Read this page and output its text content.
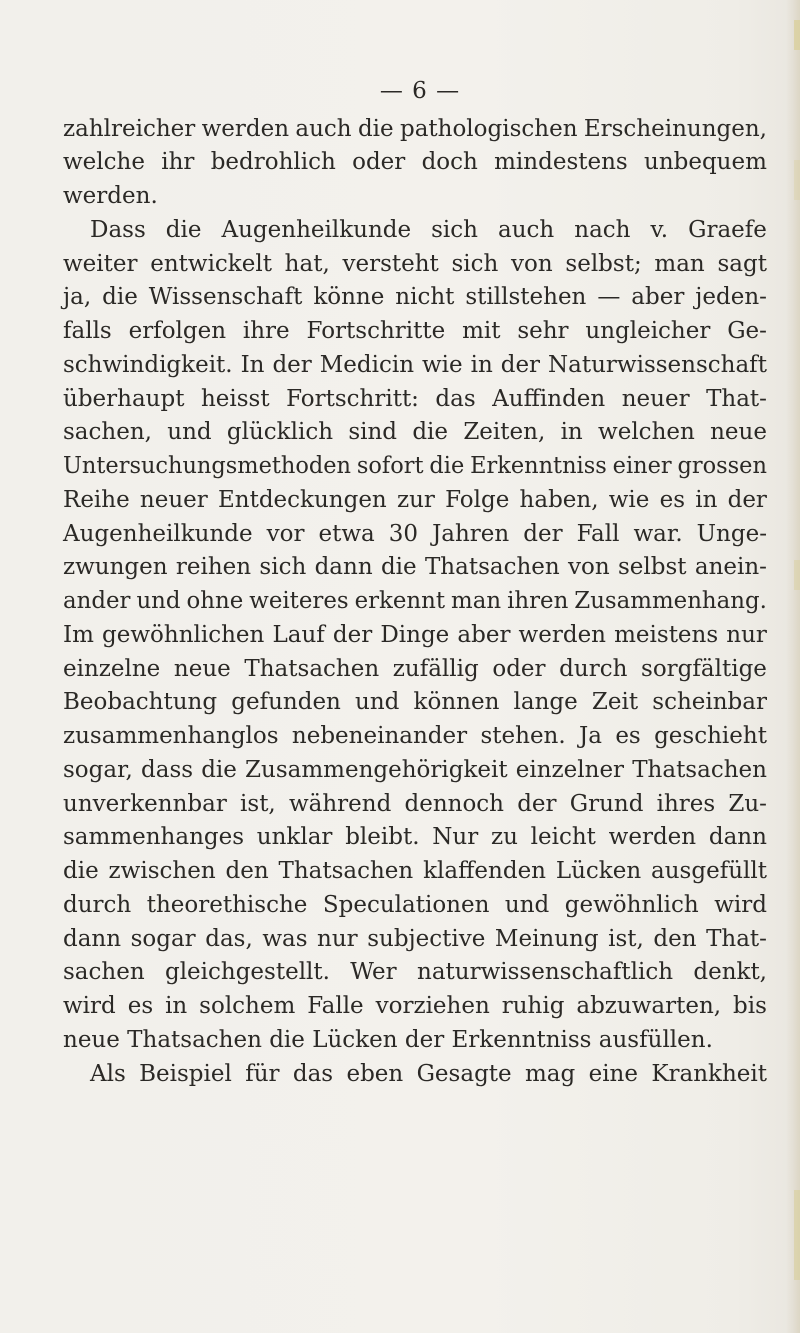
— 6 —
zahlreicher werden auch die pathologischen Erscheinungen,
welche ihr bedrohlich oder doch mindestens unbequem
werden.
Dass die Augenheilkunde sich auch nach v. Graefe
weiter entwickelt hat, versteht sich von selbst; man sagt
ja, die Wissenschaft könne nicht stillstehen — aber jeden-
falls erfolgen ihre Fortschritte mit sehr ungleicher Ge-
schwindigkeit. In der Medicin wie in der Naturwissenschaft
überhaupt heisst Fortschritt: das Auffinden neuer That-
sachen, und glücklich sind die Zeiten, in welchen neue
Untersuchungsmethoden sofort die Erkenntniss einer grossen
Reihe neuer Entdeckungen zur Folge haben, wie es in der
Augenheilkunde vor etwa 30 Jahren der Fall war. Unge-
zwungen reihen sich dann die Thatsachen von selbst anein-
ander und ohne weiteres erkennt man ihren Zusammenhang.
Im gewöhnlichen Lauf der Dinge aber werden meistens nur
einzelne neue Thatsachen zufällig oder durch sorgfältige
Beobachtung gefunden und können lange Zeit scheinbar
zusammenhanglos nebeneinander stehen. Ja es geschieht
sogar, dass die Zusammengehörigkeit einzelner Thatsachen
unverkennbar ist, während dennoch der Grund ihres Zu-
sammenhanges unklar bleibt. Nur zu leicht werden dann
die zwischen den Thatsachen klaffenden Lücken ausgefüllt
durch theorethische Speculationen und gewöhnlich wird
dann sogar das, was nur subjective Meinung ist, den That-
sachen gleichgestellt. Wer naturwissenschaftlich denkt,
wird es in solchem Falle vorziehen ruhig abzuwarten, bis
neue Thatsachen die Lücken der Erkenntniss ausfüllen.
Als Beispiel für das eben Gesagte mag eine Krankheit
